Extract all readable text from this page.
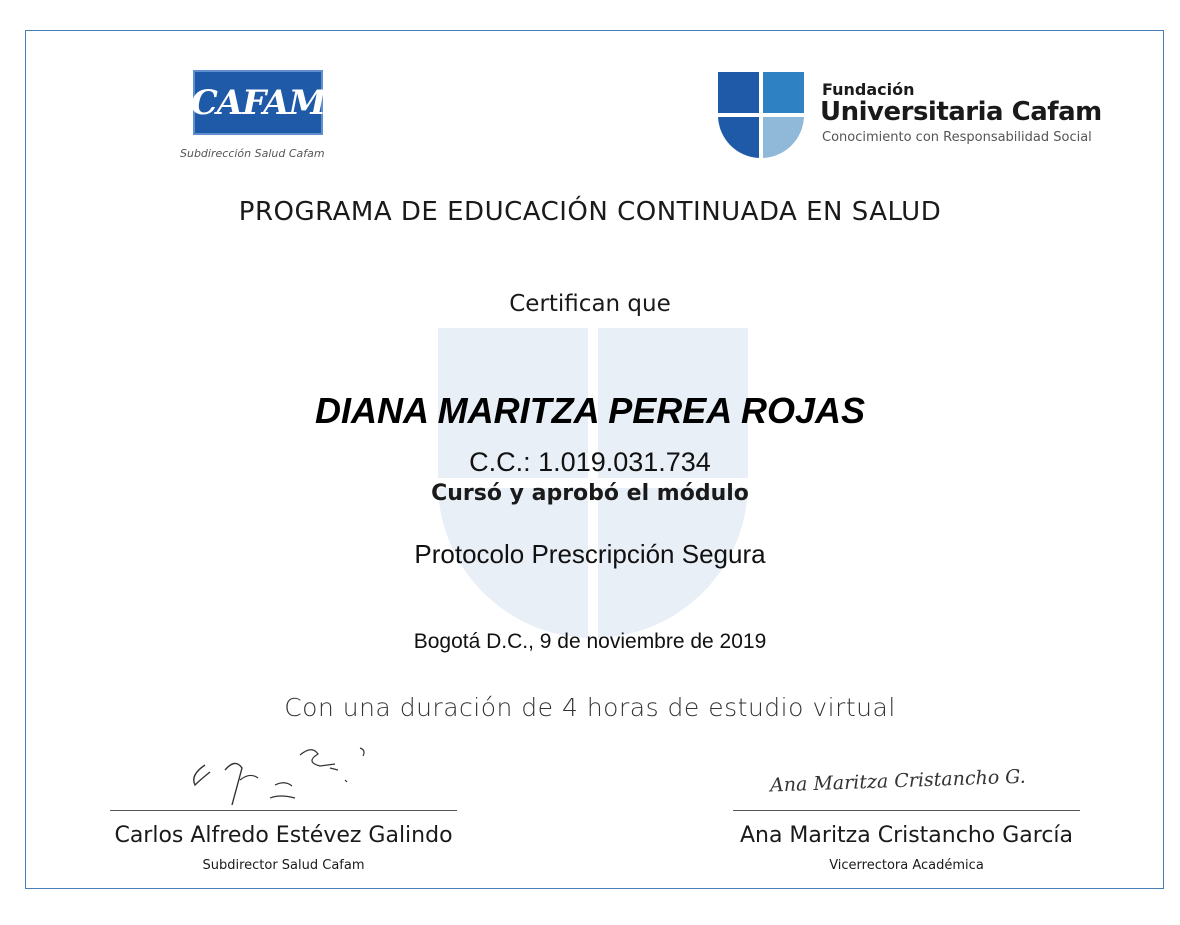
CAFAM
Subdirección Salud Cafam
Fundación
Universitaria Cafam
Conocimiento con Responsabilidad Social
PROGRAMA DE EDUCACIÓN CONTINUADA EN SALUD
Certifican que
DIANA MARITZA PEREA ROJAS
C.C.: 1.019.031.734
Cursó y aprobó el módulo
Protocolo Prescripción Segura
Bogotá D.C., 9 de noviembre de 2019
Con una duración de 4 horas de estudio virtual
Carlos Alfredo Estévez Galindo
Subdirector Salud Cafam
Ana Maritza Cristancho G.
Ana Maritza Cristancho García
Vicerrectora Académica
